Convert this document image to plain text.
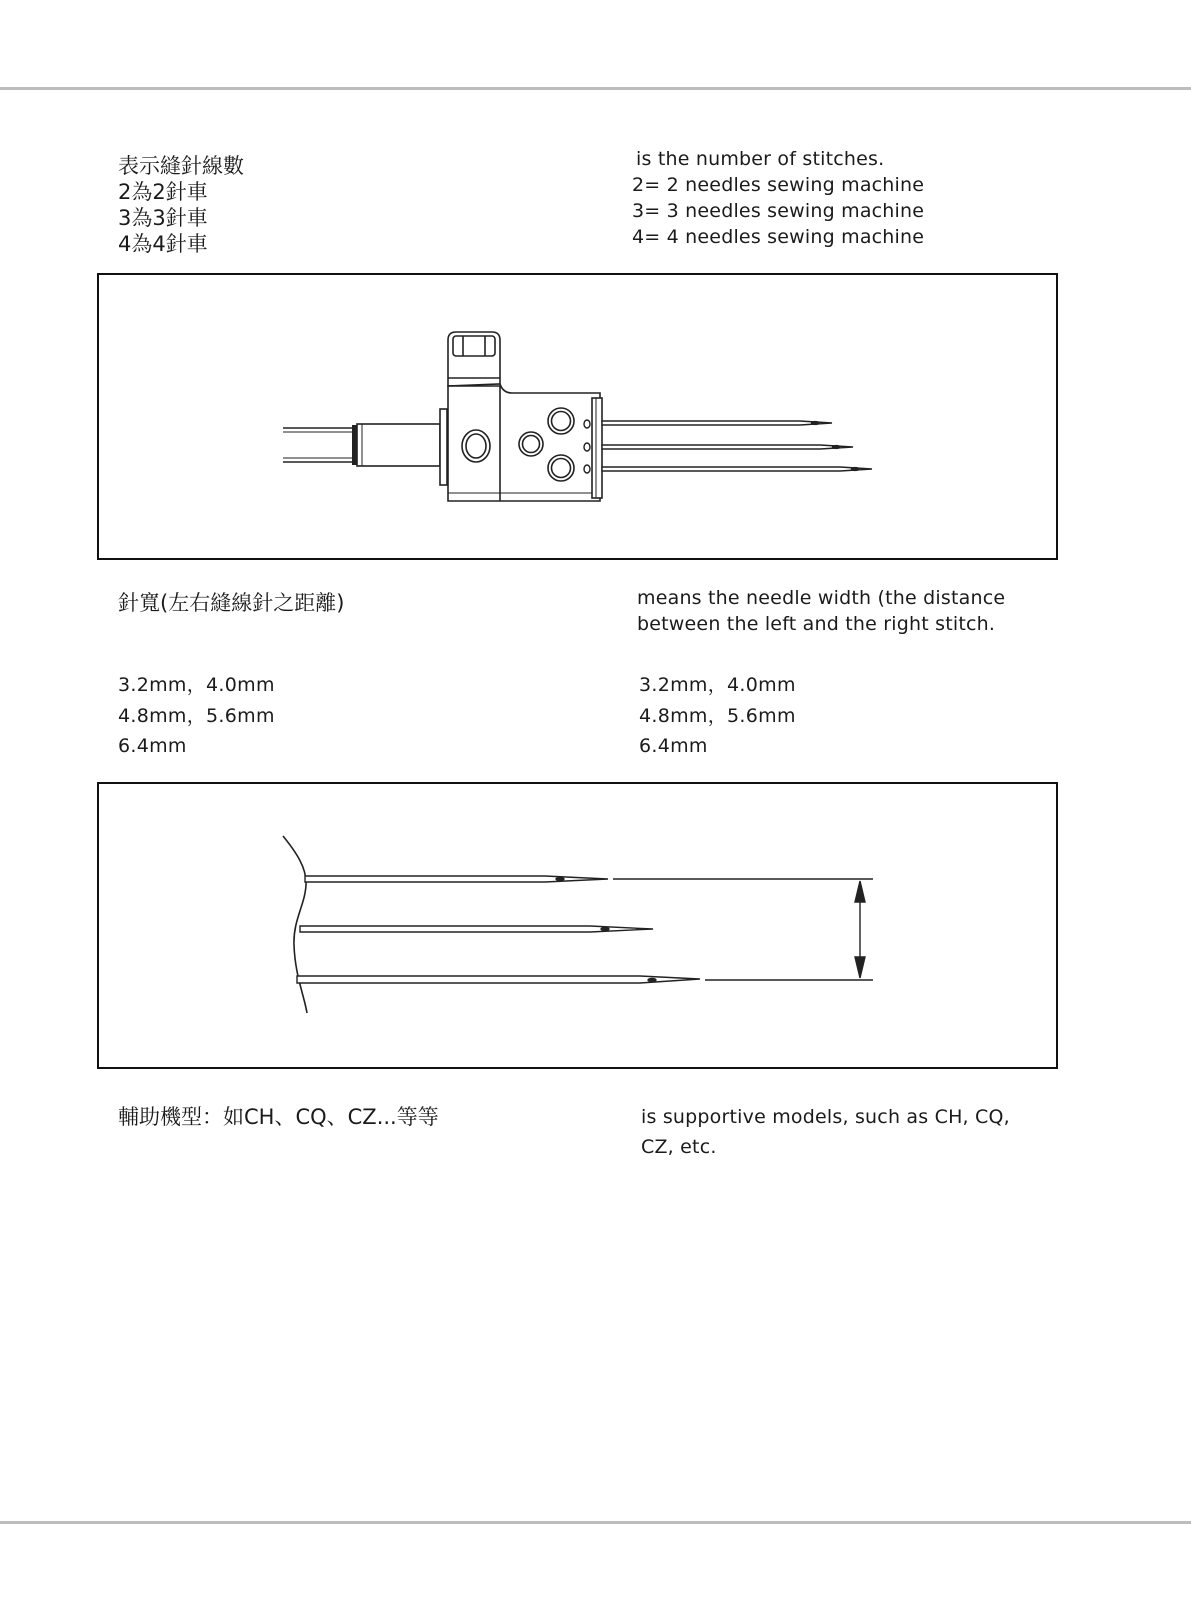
表示縫針線數
2為2針車
3為3針車
4為4針車
is the number of stitches.
2= 2 needles sewing machine
3= 3 needles sewing machine
4= 4 needles sewing machine
針寬(左右縫線針之距離)	means the needle width (the distance
between the left and the right stitch.
3.2mm，4.0mm
4.8mm，5.6mm
6.4mm
3.2mm，4.0mm
4.8mm，5.6mm
6.4mm
輔助機型：如CH、CQ、CZ...等等	is supportive models, such as CH, CQ,
CZ, etc.
